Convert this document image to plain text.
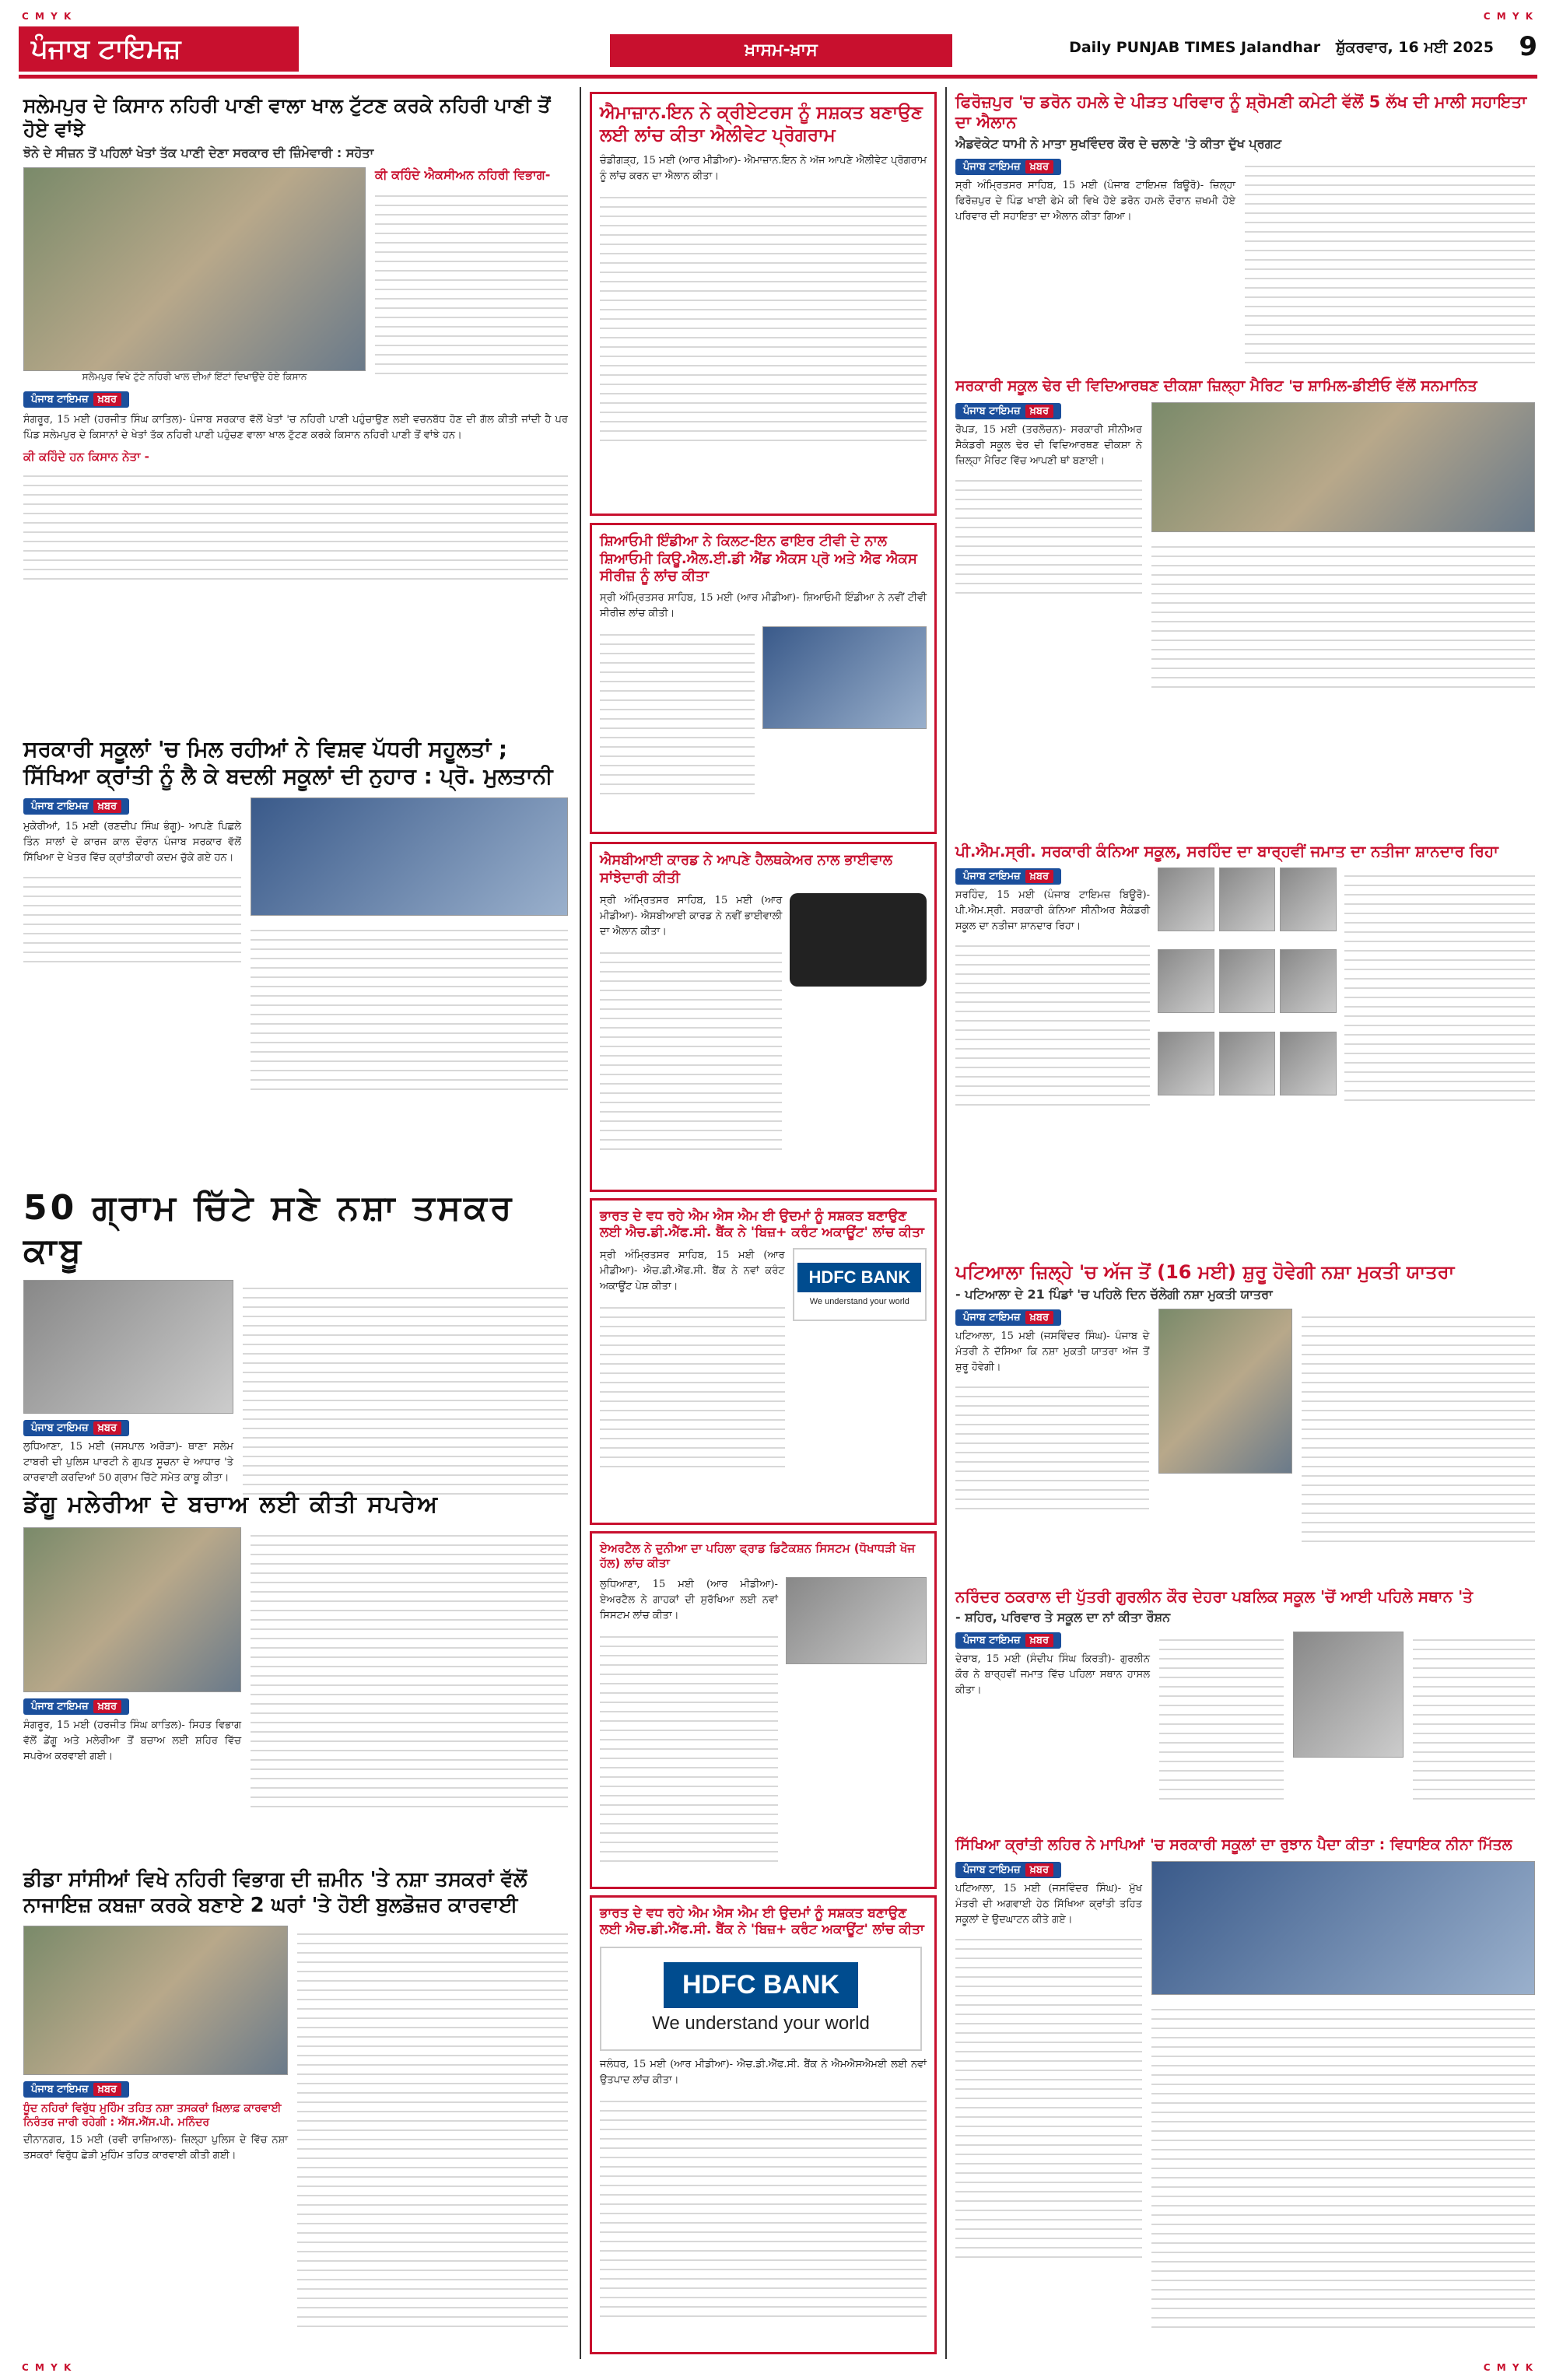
C M Y K	C M Y K
ਪੰਜਾਬ ਟਾਇਮਜ਼	ਖ਼ਾਸਮ-ਖ਼ਾਸ	Daily PUNJAB TIMES Jalandhar ਸ਼ੁੱਕਰਵਾਰ, 16 ਮਈ 2025 9
ਸਲੇਮਪੁਰ ਦੇ ਕਿਸਾਨ ਨਹਿਰੀ ਪਾਣੀ ਵਾਲਾ ਖਾਲ ਟੁੱਟਣ ਕਰਕੇ ਨਹਿਰੀ ਪਾਣੀ ਤੋਂ ਹੋਏ ਵਾਂਝੇ
ਝੋਨੇ ਦੇ ਸੀਜ਼ਨ ਤੋਂ ਪਹਿਲਾਂ ਖੇਤਾਂ ਤੱਕ ਪਾਣੀ ਦੇਣਾ ਸਰਕਾਰ ਦੀ ਜ਼ਿੰਮੇਵਾਰੀ : ਸਹੋਤਾ
ਸਲੇਮਪੁਰ ਵਿਖੇ ਟੁੱਟੇ ਨਹਿਰੀ ਖਾਲ ਦੀਆਂ ਇੱਟਾਂ ਦਿਖਾਉਂਦੇ ਹੋਏ ਕਿਸਾਨ
ਕੀ ਕਹਿੰਦੇ ਐਕਸੀਅਨ ਨਹਿਰੀ ਵਿਭਾਗ-
ਪੰਜਾਬ ਟਾਇਮਜ਼ ਖ਼ਬਰ
ਸੰਗਰੂਰ, 15 ਮਈ (ਹਰਜੀਤ ਸਿੰਘ ਕਾਤਿਲ)- ਪੰਜਾਬ ਸਰਕਾਰ ਵੱਲੋਂ ਖੇਤਾਂ 'ਚ ਨਹਿਰੀ ਪਾਣੀ ਪਹੁੰਚਾਉਣ ਲਈ ਵਚਨਬੱਧ ਹੋਣ ਦੀ ਗੱਲ ਕੀਤੀ ਜਾਂਦੀ ਹੈ ਪਰ ਪਿੰਡ ਸਲੇਮਪੁਰ ਦੇ ਕਿਸਾਨਾਂ ਦੇ ਖੇਤਾਂ ਤੱਕ ਨਹਿਰੀ ਪਾਣੀ ਪਹੁੰਚਣ ਵਾਲਾ ਖਾਲ ਟੁੱਟਣ ਕਰਕੇ ਕਿਸਾਨ ਨਹਿਰੀ ਪਾਣੀ ਤੋਂ ਵਾਂਝੇ ਹਨ।
ਕੀ ਕਹਿੰਦੇ ਹਨ ਕਿਸਾਨ ਨੇਤਾ -
ਸਰਕਾਰੀ ਸਕੂਲਾਂ 'ਚ ਮਿਲ ਰਹੀਆਂ ਨੇ ਵਿਸ਼ਵ ਪੱਧਰੀ ਸਹੂਲਤਾਂ ; ਸਿੱਖਿਆ ਕ੍ਰਾਂਤੀ ਨੂੰ ਲੈ ਕੇ ਬਦਲੀ ਸਕੂਲਾਂ ਦੀ ਨੁਹਾਰ : ਪ੍ਰੋ. ਮੁਲਤਾਨੀ
ਪੰਜਾਬ ਟਾਇਮਜ਼ ਖ਼ਬਰ
ਮੁਕੇਰੀਆਂ, 15 ਮਈ (ਰਣਦੀਪ ਸਿੰਘ ਭੰਗੂ)- ਆਪਣੇ ਪਿਛਲੇ ਤਿੰਨ ਸਾਲਾਂ ਦੇ ਕਾਰਜ ਕਾਲ ਦੌਰਾਨ ਪੰਜਾਬ ਸਰਕਾਰ ਵੱਲੋਂ ਸਿੱਖਿਆ ਦੇ ਖੇਤਰ ਵਿੱਚ ਕ੍ਰਾਂਤੀਕਾਰੀ ਕਦਮ ਚੁੱਕੇ ਗਏ ਹਨ।
50 ਗ੍ਰਾਮ ਚਿੱਟੇ ਸਣੇ ਨਸ਼ਾ ਤਸਕਰ ਕਾਬੂ
ਪੰਜਾਬ ਟਾਇਮਜ਼ ਖ਼ਬਰ
ਲੁਧਿਆਣਾ, 15 ਮਈ (ਜਸਪਾਲ ਅਰੋੜਾ)- ਥਾਣਾ ਸਲੇਮ ਟਾਬਰੀ ਦੀ ਪੁਲਿਸ ਪਾਰਟੀ ਨੇ ਗੁਪਤ ਸੂਚਨਾ ਦੇ ਆਧਾਰ 'ਤੇ ਕਾਰਵਾਈ ਕਰਦਿਆਂ 50 ਗ੍ਰਾਮ ਚਿੱਟੇ ਸਮੇਤ ਕਾਬੂ ਕੀਤਾ।
ਡੇਂਗੂ ਮਲੇਰੀਆ ਦੇ ਬਚਾਅ ਲਈ ਕੀਤੀ ਸਪਰੇਅ
ਪੰਜਾਬ ਟਾਇਮਜ਼ ਖ਼ਬਰ
ਸੰਗਰੂਰ, 15 ਮਈ (ਹਰਜੀਤ ਸਿੰਘ ਕਾਤਿਲ)- ਸਿਹਤ ਵਿਭਾਗ ਵੱਲੋਂ ਡੇਂਗੂ ਅਤੇ ਮਲੇਰੀਆ ਤੋਂ ਬਚਾਅ ਲਈ ਸ਼ਹਿਰ ਵਿੱਚ ਸਪਰੇਅ ਕਰਵਾਈ ਗਈ।
ਡੀਡਾ ਸਾਂਸੀਆਂ ਵਿਖੇ ਨਹਿਰੀ ਵਿਭਾਗ ਦੀ ਜ਼ਮੀਨ 'ਤੇ ਨਸ਼ਾ ਤਸਕਰਾਂ ਵੱਲੋਂ ਨਾਜਾਇਜ਼ ਕਬਜ਼ਾ ਕਰਕੇ ਬਣਾਏ 2 ਘਰਾਂ 'ਤੇ ਹੋਈ ਬੁਲਡੋਜ਼ਰ ਕਾਰਵਾਈ
ਪੰਜਾਬ ਟਾਇਮਜ਼ ਖ਼ਬਰ
ਧੂੰਦ ਨਹਿਰਾਂ ਵਿਰੁੱਧ ਮੁਹਿੰਮ ਤਹਿਤ ਨਸ਼ਾ ਤਸਕਰਾਂ ਖ਼ਿਲਾਫ਼ ਕਾਰਵਾਈ ਨਿਰੰਤਰ ਜਾਰੀ ਰਹੇਗੀ : ਐੱਸ.ਐੱਸ.ਪੀ. ਮਨਿੰਦਰ
ਦੀਨਾਨਗਰ, 15 ਮਈ (ਰਵੀ ਰਾਜ਼ਿਆਲ)- ਜ਼ਿਲ੍ਹਾ ਪੁਲਿਸ ਦੇ ਵਿੱਚ ਨਸ਼ਾ ਤਸਕਰਾਂ ਵਿਰੁੱਧ ਛੇੜੀ ਮੁਹਿੰਮ ਤਹਿਤ ਕਾਰਵਾਈ ਕੀਤੀ ਗਈ।
ਐਮਾਜ਼ਾਨ.ਇਨ ਨੇ ਕ੍ਰੀਏਟਰਸ ਨੂੰ ਸਸ਼ਕਤ ਬਣਾਉਣ ਲਈ ਲਾਂਚ ਕੀਤਾ ਐਲੀਵੇਟ ਪ੍ਰੋਗਰਾਮ
ਚੰਡੀਗੜ੍ਹ, 15 ਮਈ (ਆਰ ਮੀਡੀਆ)- ਐਮਾਜ਼ਾਨ.ਇਨ ਨੇ ਅੱਜ ਆਪਣੇ ਐਲੀਵੇਟ ਪ੍ਰੋਗਰਾਮ ਨੂੰ ਲਾਂਚ ਕਰਨ ਦਾ ਐਲਾਨ ਕੀਤਾ।
ਸ਼ਿਆਓਮੀ ਇੰਡੀਆ ਨੇ ਕਿਲਟ-ਇਨ ਫਾਇਰ ਟੀਵੀ ਦੇ ਨਾਲ ਸ਼ਿਆਓਮੀ ਕਿਊ.ਐਲ.ਈ.ਡੀ ਐਂਡ ਐਕਸ ਪ੍ਰੋ ਅਤੇ ਐਫ ਐਕਸ ਸੀਰੀਜ਼ ਨੂੰ ਲਾਂਚ ਕੀਤਾ
ਸ੍ਰੀ ਅੰਮ੍ਰਿਤਸਰ ਸਾਹਿਬ, 15 ਮਈ (ਆਰ ਮੀਡੀਆ)- ਸ਼ਿਆਓਮੀ ਇੰਡੀਆ ਨੇ ਨਵੀਂ ਟੀਵੀ ਸੀਰੀਜ਼ ਲਾਂਚ ਕੀਤੀ।
ਐਸਬੀਆਈ ਕਾਰਡ ਨੇ ਆਪਣੇ ਹੈਲਥਕੇਅਰ ਨਾਲ ਭਾਈਵਾਲ ਸਾਂਝੇਦਾਰੀ ਕੀਤੀ
ਸ੍ਰੀ ਅੰਮ੍ਰਿਤਸਰ ਸਾਹਿਬ, 15 ਮਈ (ਆਰ ਮੀਡੀਆ)- ਐਸਬੀਆਈ ਕਾਰਡ ਨੇ ਨਵੀਂ ਭਾਈਵਾਲੀ ਦਾ ਐਲਾਨ ਕੀਤਾ।
ਭਾਰਤ ਦੇ ਵਧ ਰਹੇ ਐਮ ਐਸ ਐਮ ਈ ਉਦਮਾਂ ਨੂੰ ਸਸ਼ਕਤ ਬਣਾਉਣ ਲਈ ਐਚ.ਡੀ.ਐੱਫ.ਸੀ. ਬੈਂਕ ਨੇ 'ਬਿਜ਼+ ਕਰੰਟ ਅਕਾਊਂਟ' ਲਾਂਚ ਕੀਤਾ
ਸ੍ਰੀ ਅੰਮ੍ਰਿਤਸਰ ਸਾਹਿਬ, 15 ਮਈ (ਆਰ ਮੀਡੀਆ)- ਐਚ.ਡੀ.ਐੱਫ.ਸੀ. ਬੈਂਕ ਨੇ ਨਵਾਂ ਕਰੰਟ ਅਕਾਊਂਟ ਪੇਸ਼ ਕੀਤਾ।	HDFC BANK
We understand your world
ਏਅਰਟੈਲ ਨੇ ਦੁਨੀਆ ਦਾ ਪਹਿਲਾ ਫ੍ਰਾਡ ਡਿਟੈਕਸ਼ਨ ਸਿਸਟਮ (ਧੋਖਾਧੜੀ ਖੋਜ ਹੱਲ) ਲਾਂਚ ਕੀਤਾ
ਲੁਧਿਆਣਾ, 15 ਮਈ (ਆਰ ਮੀਡੀਆ)- ਏਅਰਟੈਲ ਨੇ ਗਾਹਕਾਂ ਦੀ ਸੁਰੱਖਿਆ ਲਈ ਨਵਾਂ ਸਿਸਟਮ ਲਾਂਚ ਕੀਤਾ।
ਭਾਰਤ ਦੇ ਵਧ ਰਹੇ ਐਮ ਐਸ ਐਮ ਈ ਉਦਮਾਂ ਨੂੰ ਸਸ਼ਕਤ ਬਣਾਉਣ ਲਈ ਐਚ.ਡੀ.ਐੱਫ.ਸੀ. ਬੈਂਕ ਨੇ 'ਬਿਜ਼+ ਕਰੰਟ ਅਕਾਊਂਟ' ਲਾਂਚ ਕੀਤਾ
HDFC BANK
We understand your world
ਜਲੰਧਰ, 15 ਮਈ (ਆਰ ਮੀਡੀਆ)- ਐਚ.ਡੀ.ਐੱਫ.ਸੀ. ਬੈਂਕ ਨੇ ਐਮਐਸਐਮਈ ਲਈ ਨਵਾਂ ਉਤਪਾਦ ਲਾਂਚ ਕੀਤਾ।
ਫਿਰੋਜ਼ਪੁਰ 'ਚ ਡਰੋਨ ਹਮਲੇ ਦੇ ਪੀੜਤ ਪਰਿਵਾਰ ਨੂੰ ਸ਼੍ਰੋਮਣੀ ਕਮੇਟੀ ਵੱਲੋਂ 5 ਲੱਖ ਦੀ ਮਾਲੀ ਸਹਾਇਤਾ ਦਾ ਐਲਾਨ
ਐਡਵੋਕੇਟ ਧਾਮੀ ਨੇ ਮਾਤਾ ਸੁਖਵਿੰਦਰ ਕੌਰ ਦੇ ਚਲਾਣੇ 'ਤੇ ਕੀਤਾ ਦੁੱਖ ਪ੍ਰਗਟ
ਪੰਜਾਬ ਟਾਇਮਜ਼ ਖ਼ਬਰ
ਸ੍ਰੀ ਅੰਮ੍ਰਿਤਸਰ ਸਾਹਿਬ, 15 ਮਈ (ਪੰਜਾਬ ਟਾਇਮਜ਼ ਬਿਊਰੋ)- ਜ਼ਿਲ੍ਹਾ ਫਿਰੋਜ਼ਪੁਰ ਦੇ ਪਿੰਡ ਖਾਈ ਫੇਮੇ ਕੀ ਵਿਖੇ ਹੋਏ ਡਰੋਨ ਹਮਲੇ ਦੌਰਾਨ ਜ਼ਖਮੀ ਹੋਏ ਪਰਿਵਾਰ ਦੀ ਸਹਾਇਤਾ ਦਾ ਐਲਾਨ ਕੀਤਾ ਗਿਆ।
ਸਰਕਾਰੀ ਸਕੂਲ ਢੇਰ ਦੀ ਵਿਦਿਆਰਥਣ ਦੀਕਸ਼ਾ ਜ਼ਿਲ੍ਹਾ ਮੈਰਿਟ 'ਚ ਸ਼ਾਮਿਲ-ਡੀਈਓ ਵੱਲੋਂ ਸਨਮਾਨਿਤ
ਪੰਜਾਬ ਟਾਇਮਜ਼ ਖ਼ਬਰ
ਰੋਪੜ, 15 ਮਈ (ਤਰਲੋਚਨ)- ਸਰਕਾਰੀ ਸੀਨੀਅਰ ਸੈਕੰਡਰੀ ਸਕੂਲ ਢੇਰ ਦੀ ਵਿਦਿਆਰਥਣ ਦੀਕਸ਼ਾ ਨੇ ਜ਼ਿਲ੍ਹਾ ਮੈਰਿਟ ਵਿੱਚ ਆਪਣੀ ਥਾਂ ਬਣਾਈ।
ਪੀ.ਐਮ.ਸ੍ਰੀ. ਸਰਕਾਰੀ ਕੰਨਿਆ ਸਕੂਲ, ਸਰਹਿੰਦ ਦਾ ਬਾਰ੍ਹਵੀਂ ਜਮਾਤ ਦਾ ਨਤੀਜਾ ਸ਼ਾਨਦਾਰ ਰਿਹਾ
ਪੰਜਾਬ ਟਾਇਮਜ਼ ਖ਼ਬਰ
ਸਰਹਿੰਦ, 15 ਮਈ (ਪੰਜਾਬ ਟਾਇਮਜ਼ ਬਿਊਰੋ)- ਪੀ.ਐਮ.ਸ੍ਰੀ. ਸਰਕਾਰੀ ਕੰਨਿਆ ਸੀਨੀਅਰ ਸੈਕੰਡਰੀ ਸਕੂਲ ਦਾ ਨਤੀਜਾ ਸ਼ਾਨਦਾਰ ਰਿਹਾ।
ਪਟਿਆਲਾ ਜ਼ਿਲ੍ਹੇ 'ਚ ਅੱਜ ਤੋਂ (16 ਮਈ) ਸ਼ੁਰੂ ਹੋਵੇਗੀ ਨਸ਼ਾ ਮੁਕਤੀ ਯਾਤਰਾ
- ਪਟਿਆਲਾ ਦੇ 21 ਪਿੰਡਾਂ 'ਚ ਪਹਿਲੇ ਦਿਨ ਚੱਲੇਗੀ ਨਸ਼ਾ ਮੁਕਤੀ ਯਾਤਰਾ
ਪੰਜਾਬ ਟਾਇਮਜ਼ ਖ਼ਬਰ
ਪਟਿਆਲਾ, 15 ਮਈ (ਜਸਵਿੰਦਰ ਸਿੰਘ)- ਪੰਜਾਬ ਦੇ ਮੰਤਰੀ ਨੇ ਦੱਸਿਆ ਕਿ ਨਸ਼ਾ ਮੁਕਤੀ ਯਾਤਰਾ ਅੱਜ ਤੋਂ ਸ਼ੁਰੂ ਹੋਵੇਗੀ।
ਨਰਿੰਦਰ ਠਕਰਾਲ ਦੀ ਪੁੱਤਰੀ ਗੁਰਲੀਨ ਕੌਰ ਦੇਹਰਾ ਪਬਲਿਕ ਸਕੂਲ 'ਚੋਂ ਆਈ ਪਹਿਲੇ ਸਥਾਨ 'ਤੇ
- ਸ਼ਹਿਰ, ਪਰਿਵਾਰ ਤੇ ਸਕੂਲ ਦਾ ਨਾਂ ਕੀਤਾ ਰੌਸ਼ਨ
ਪੰਜਾਬ ਟਾਇਮਜ਼ ਖ਼ਬਰ
ਦੇਰਾਬ, 15 ਮਈ (ਸੰਦੀਪ ਸਿੰਘ ਕਿਰਤੀ)- ਗੁਰਲੀਨ ਕੌਰ ਨੇ ਬਾਰ੍ਹਵੀਂ ਜਮਾਤ ਵਿੱਚ ਪਹਿਲਾ ਸਥਾਨ ਹਾਸਲ ਕੀਤਾ।
ਸਿੱਖਿਆ ਕ੍ਰਾਂਤੀ ਲਹਿਰ ਨੇ ਮਾਪਿਆਂ 'ਚ ਸਰਕਾਰੀ ਸਕੂਲਾਂ ਦਾ ਰੁਝਾਨ ਪੈਦਾ ਕੀਤਾ : ਵਿਧਾਇਕ ਨੀਨਾ ਮਿੱਤਲ
ਪੰਜਾਬ ਟਾਇਮਜ਼ ਖ਼ਬਰ
ਪਟਿਆਲਾ, 15 ਮਈ (ਜਸਵਿੰਦਰ ਸਿੰਘ)- ਮੁੱਖ ਮੰਤਰੀ ਦੀ ਅਗਵਾਈ ਹੇਠ ਸਿੱਖਿਆ ਕ੍ਰਾਂਤੀ ਤਹਿਤ ਸਕੂਲਾਂ ਦੇ ਉਦਘਾਟਨ ਕੀਤੇ ਗਏ।
C M Y K	C M Y K
